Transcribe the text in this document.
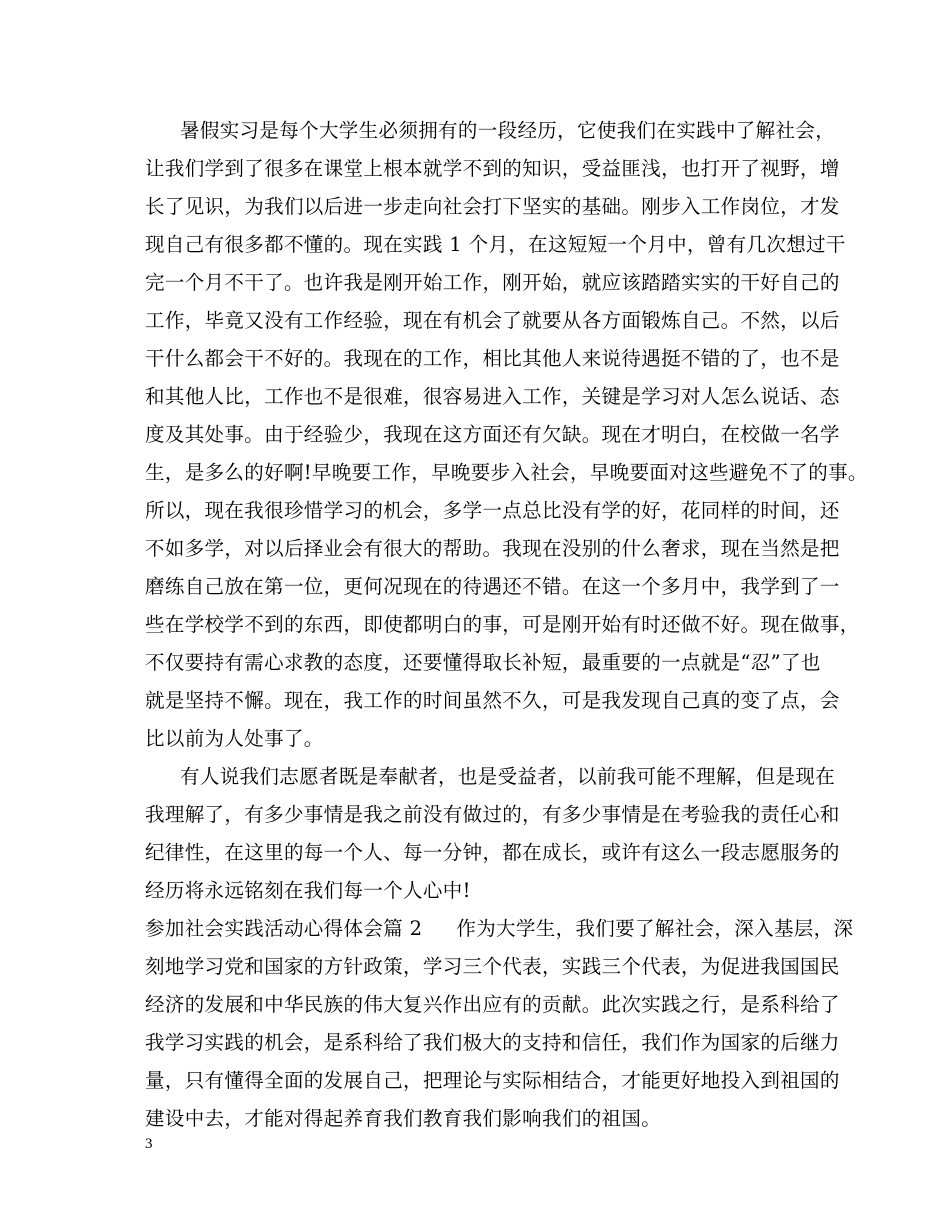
暑假实习是每个大学生必须拥有的一段经历，它使我们在实践中了解社会，
让我们学到了很多在课堂上根本就学不到的知识，受益匪浅，也打开了视野，增
长了见识，为我们以后进一步走向社会打下坚实的基础。刚步入工作岗位，才发
现自己有很多都不懂的。现在实践 1 个月，在这短短一个月中，曾有几次想过干
完一个月不干了。也许我是刚开始工作，刚开始，就应该踏踏实实的干好自己的
工作，毕竟又没有工作经验，现在有机会了就要从各方面锻炼自己。不然，以后
干什么都会干不好的。我现在的工作，相比其他人来说待遇挺不错的了，也不是
和其他人比，工作也不是很难，很容易进入工作，关键是学习对人怎么说话、态
度及其处事。由于经验少，我现在这方面还有欠缺。现在才明白，在校做一名学
生，是多么的好啊!早晚要工作，早晚要步入社会，早晚要面对这些避免不了的事。
所以，现在我很珍惜学习的机会，多学一点总比没有学的好，花同样的时间，还
不如多学，对以后择业会有很大的帮助。我现在没别的什么奢求，现在当然是把
磨练自己放在第一位，更何况现在的待遇还不错。在这一个多月中，我学到了一
些在学校学不到的东西，即使都明白的事，可是刚开始有时还做不好。现在做事，
不仅要持有需心求教的态度，还要懂得取长补短，最重要的一点就是“忍”了也
就是坚持不懈。现在，我工作的时间虽然不久，可是我发现自己真的变了点，会
比以前为人处事了。
有人说我们志愿者既是奉献者，也是受益者，以前我可能不理解，但是现在
我理解了，有多少事情是我之前没有做过的，有多少事情是在考验我的责任心和
纪律性，在这里的每一个人、每一分钟，都在成长，或许有这么一段志愿服务的
经历将永远铭刻在我们每一个人心中!
参加社会实践活动心得体会篇 2 作为大学生，我们要了解社会，深入基层，深
刻地学习党和国家的方针政策，学习三个代表，实践三个代表，为促进我国国民
经济的发展和中华民族的伟大复兴作出应有的贡献。此次实践之行，是系科给了
我学习实践的机会，是系科给了我们极大的支持和信任，我们作为国家的后继力
量，只有懂得全面的发展自己，把理论与实际相结合，才能更好地投入到祖国的
建设中去，才能对得起养育我们教育我们影响我们的祖国。
3
